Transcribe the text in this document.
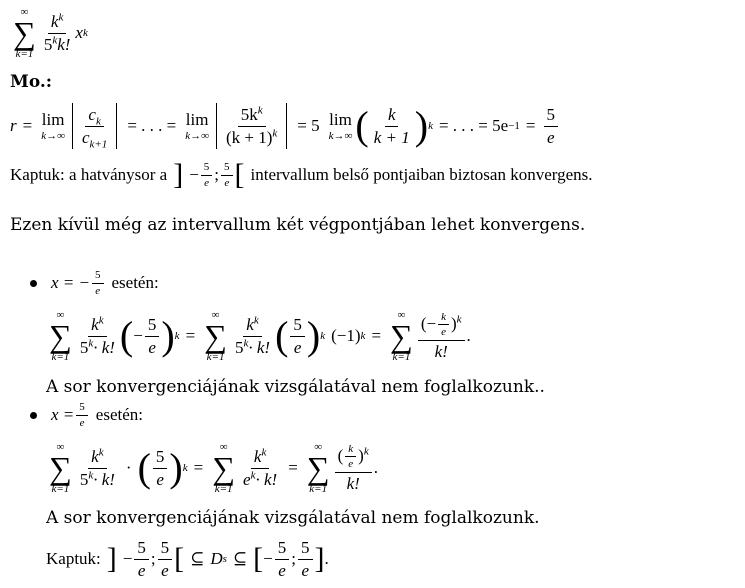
∞
∑
$k=1 \frac{k^k}{5^kk!}$ x k
Mo.:
r = lim
$k\to\infty \frac{c_k}{c_{k+1}}$ = . . . = lim
$k\to\infty \frac{5k^k}{(k + 1)^k} = 5$ lim
k→∞ ( $\frac{k}{k + 1}$ ) k = . . . = $5e -1 = \frac{5}{e}$
Kaptuk: a hatványsor a ] − $\frac{5}{e}$ ; $\frac{5}{e}$ [ intervallum belső pontjaiban biztosan konvergens.
Ezen kívül még az intervallum két végpontjában lehet konvergens.
x = − $\frac{5}{e}$ esetén:
∞
∑
$k=1 \frac{k^k}{5^k\cdot k!}$ ( − $\frac{5}{e}$ ) k =
∞
∑
$k=1 \frac{k^k}{5^k\cdot k!}$ ( $\frac{5}{e}$ ) k (−1) k =
∞
∑
$k=1 \frac{(- \frac{k}{e} )^k}{k!}$ .
A sor konvergenciájának vizsgálatával nem foglalkozunk..
$x = \frac{5}{e}$ esetén:
∞
∑
$k=1 \frac{k^k}{5^k\cdot k!}$ · ( $\frac{5}{e}$ ) k =
∞
∑
$k=1 \frac{k^k}{e^k\cdot k!}$ =
∞
∑
$k=1 \frac{( \frac{k}{e} )^k}{k!}$ .
A sor konvergenciájának vizsgálatával nem foglalkozunk.
Kaptuk: ] − $\frac{5}{e}$ ; $\frac{5}{e}$ [ ⊆ D s ⊆ [ − $\frac{5}{e}$ ; $\frac{5}{e}$ ] .
